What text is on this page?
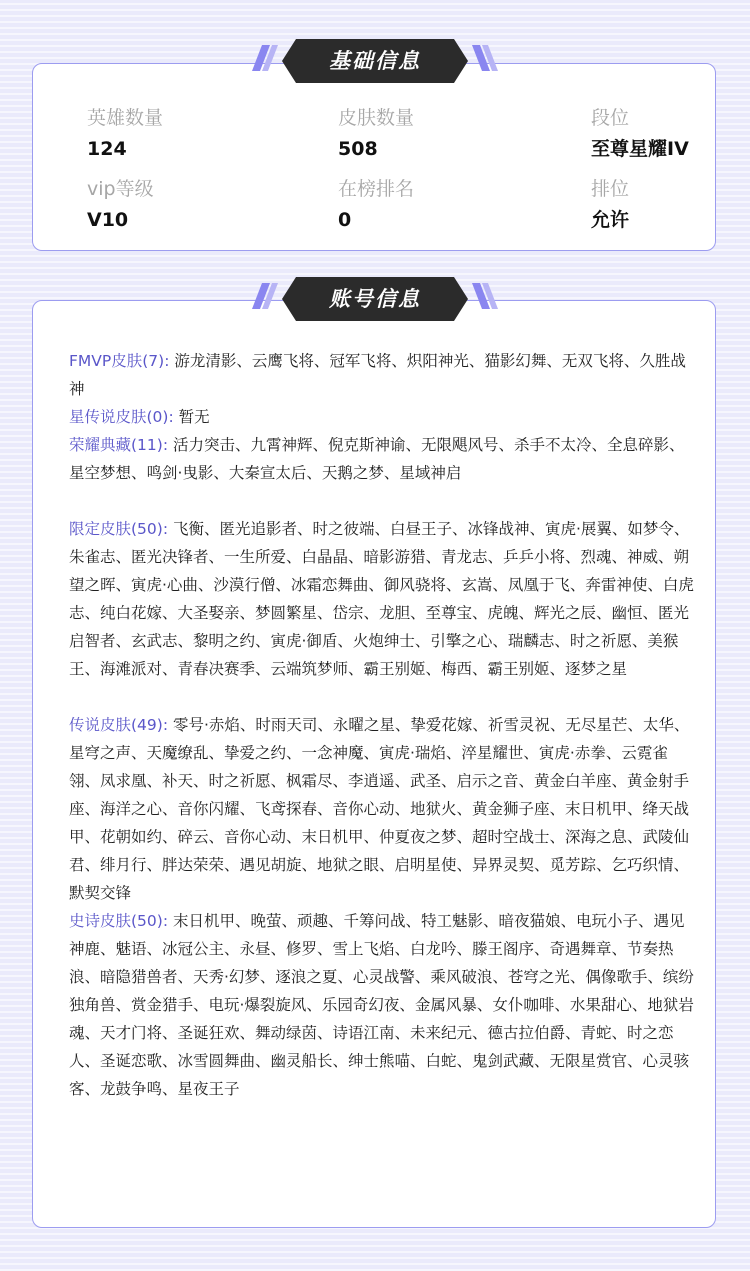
英雄数量
124
皮肤数量
508
段位
至尊星耀IV
vip等级
V10
在榜排名
0
排位
允许
基础信息
FMVP皮肤(7): 游龙清影、云鹰飞将、冠军飞将、炽阳神光、猫影幻舞、无双飞将、久胜战神
星传说皮肤(0): 暂无
荣耀典藏(11): 活力突击、九霄神辉、倪克斯神谕、无限飓风号、杀手不太冷、全息碎影、星空梦想、鸣剑·曳影、大秦宣太后、天鹅之梦、星域神启
限定皮肤(50): 飞衡、匿光追影者、时之彼端、白昼王子、冰锋战神、寅虎·展翼、如梦令、朱雀志、匿光决锋者、一生所爱、白晶晶、暗影游猎、青龙志、乒乒小将、烈魂、神威、朔望之晖、寅虎·心曲、沙漠行僧、冰霜恋舞曲、御风骁将、玄嵩、凤凰于飞、奔雷神使、白虎志、纯白花嫁、大圣娶亲、梦圆繁星、岱宗、龙胆、至尊宝、虎魄、辉光之辰、幽恒、匿光启智者、玄武志、黎明之约、寅虎·御盾、火炮绅士、引擎之心、瑞麟志、时之祈愿、美猴王、海滩派对、青春决赛季、云端筑梦师、霸王别姬、梅西、霸王别姬、逐梦之星
传说皮肤(49): 零号·赤焰、时雨天司、永曜之星、挚爱花嫁、祈雪灵祝、无尽星芒、太华、星穹之声、天魔缭乱、挚爱之约、一念神魔、寅虎·瑞焰、淬星耀世、寅虎·赤拳、云霓雀翎、凤求凰、补天、时之祈愿、枫霜尽、李逍遥、武圣、启示之音、黄金白羊座、黄金射手座、海洋之心、音你闪耀、飞鸢探春、音你心动、地狱火、黄金狮子座、末日机甲、绛天战甲、花朝如约、碎云、音你心动、末日机甲、仲夏夜之梦、超时空战士、深海之息、武陵仙君、绯月行、胖达荣荣、遇见胡旋、地狱之眼、启明星使、异界灵契、觅芳踪、乞巧织情、默契交锋
史诗皮肤(50): 末日机甲、晚萤、顽趣、千筹问战、特工魅影、暗夜猫娘、电玩小子、遇见神鹿、魅语、冰冠公主、永昼、修罗、雪上飞焰、白龙吟、滕王阁序、奇遇舞章、节奏热浪、暗隐猎兽者、天秀·幻梦、逐浪之夏、心灵战警、乘风破浪、苍穹之光、偶像歌手、缤纷独角兽、赏金猎手、电玩·爆裂旋风、乐园奇幻夜、金属风暴、女仆咖啡、水果甜心、地狱岩魂、天才门将、圣诞狂欢、舞动绿茵、诗语江南、未来纪元、德古拉伯爵、青蛇、时之恋人、圣诞恋歌、冰雪圆舞曲、幽灵船长、绅士熊喵、白蛇、鬼剑武藏、无限星赏官、心灵骇客、龙鼓争鸣、星夜王子
账号信息
